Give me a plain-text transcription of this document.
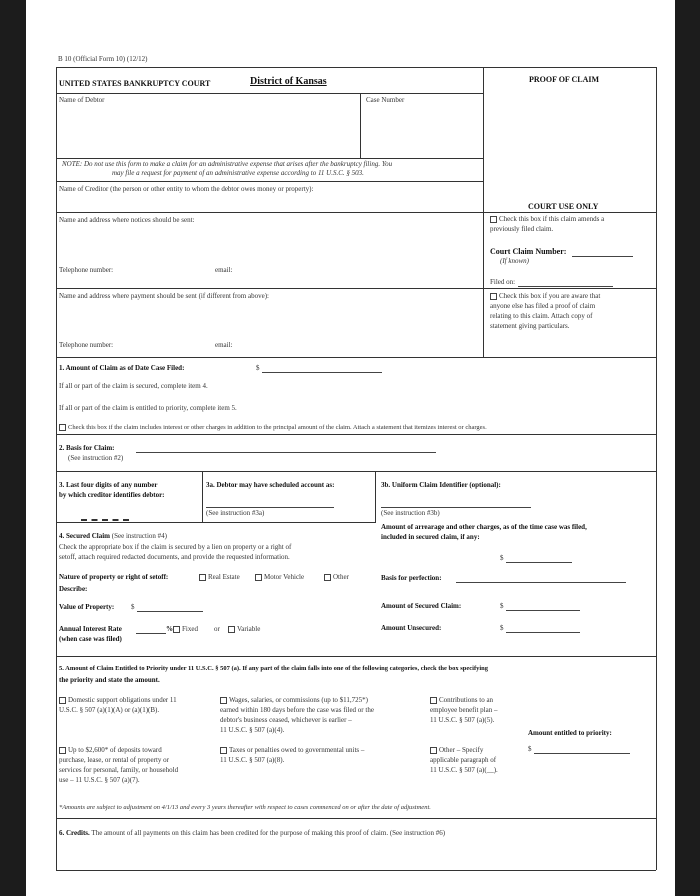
B 10 (Official Form 10) (12/12)
UNITED STATES BANKRUPTCY COURT	District of Kansas	PROOF OF CLAIM
Name of Debtor	Case Number
NOTE: Do not use this form to make a claim for an administrative expense that arises after the bankruptcy filing. You
may file a request for payment of an administrative expense according to 11 U.S.C. § 503.
Name of Creditor (the person or other entity to whom the debtor owes money or property):
Name and address where notices should be sent:
Telephone number:	email:
Name and address where payment should be sent (if different from above):
Telephone number:	email:
COURT USE ONLY
Check this box if this claim amends a
previously filed claim.
Court Claim Number:
(If known)
Filed on:
Check this box if you are aware that
anyone else has filed a proof of claim
relating to this claim. Attach copy of
statement giving particulars.
1. Amount of Claim as of Date Case Filed:	$
If all or part of the claim is secured, complete item 4.
If all or part of the claim is entitled to priority, complete item 5.
Check this box if the claim includes interest or other charges in addition to the principal amount of the claim. Attach a statement that itemizes interest or charges.
2. Basis for Claim:
(See instruction #2)
3. Last four digits of any number
by which creditor identifies debtor:
3a. Debtor may have scheduled account as:
(See instruction #3a)
3b. Uniform Claim Identifier (optional):
(See instruction #3b)
4. Secured Claim (See instruction #4)
Check the appropriate box if the claim is secured by a lien on property or a right of
setoff, attach required redacted documents, and provide the requested information.
Nature of property or right of setoff:	Real Estate	Motor Vehicle	Other
Describe:
Value of Property: $
Annual Interest Rate	%	Fixed or	Variable
(when case was filed)
Amount of arrearage and other charges, as of the time case was filed,
included in secured claim, if any:
$
Basis for perfection:
Amount of Secured Claim:	$
Amount Unsecured:	$
5. Amount of Claim Entitled to Priority under 11 U.S.C. § 507 (a). If any part of the claim falls into one of the following categories, check the box specifying
the priority and state the amount.
Domestic support obligations under 11
U.S.C. § 507 (a)(1)(A) or (a)(1)(B).
Wages, salaries, or commissions (up to $11,725*)
earned within 180 days before the case was filed or the
debtor's business ceased, whichever is earlier –
11 U.S.C. § 507 (a)(4).
Contributions to an
employee benefit plan –
11 U.S.C. § 507 (a)(5).
Amount entitled to priority:
$
Up to $2,600* of deposits toward
purchase, lease, or rental of property or
services for personal, family, or household
use – 11 U.S.C. § 507 (a)(7).
Taxes or penalties owed to governmental units –
11 U.S.C. § 507 (a)(8).
Other – Specify
applicable paragraph of
11 U.S.C. § 507 (a)(__).
*Amounts are subject to adjustment on 4/1/13 and every 3 years thereafter with respect to cases commenced on or after the date of adjustment.
6. Credits. The amount of all payments on this claim has been credited for the purpose of making this proof of claim. (See instruction #6)
